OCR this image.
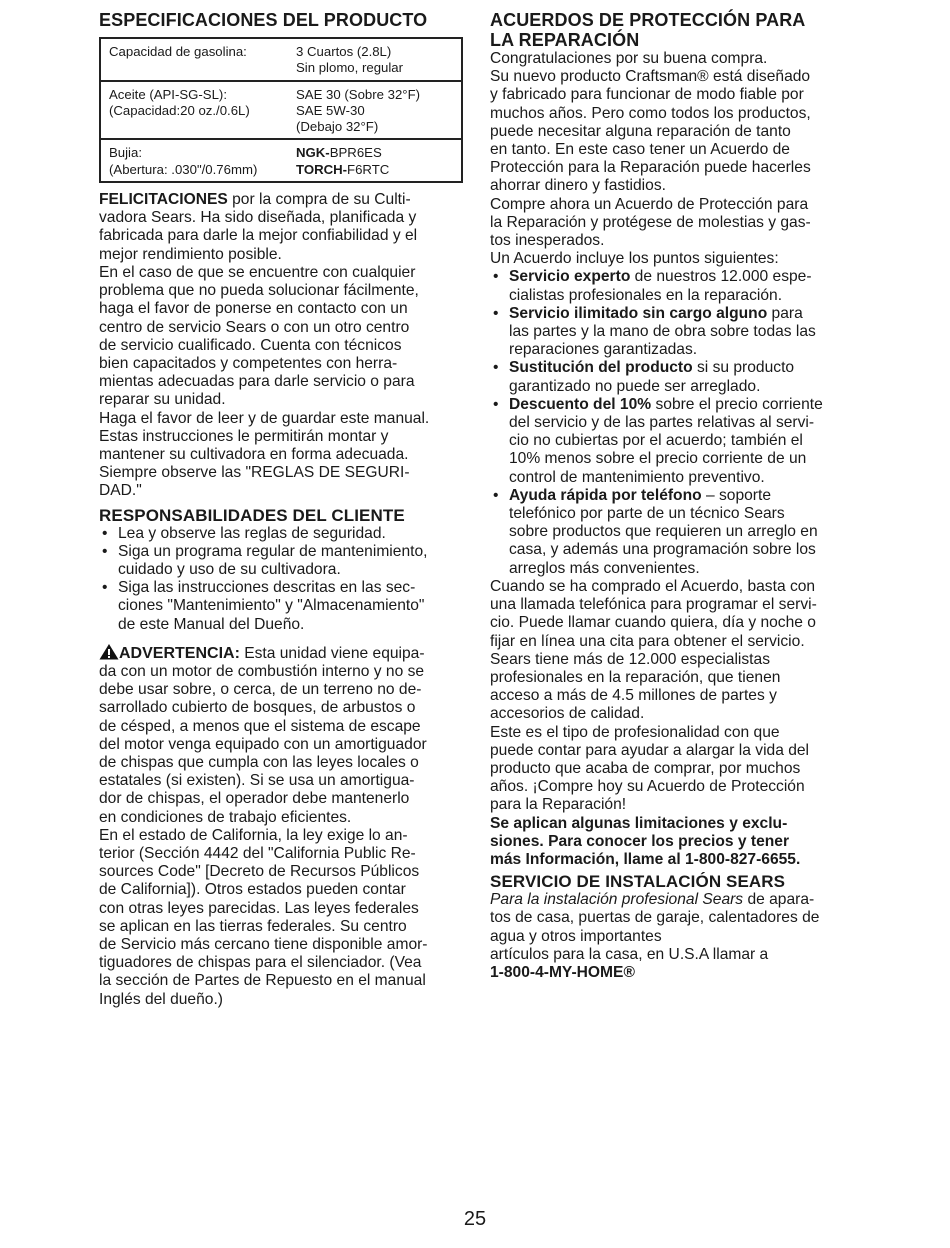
ESPECIFICACIONES DEL PRODUCTO
Capacidad de gasolina:	3 Cuartos (2.8L)
Sin plomo, regular
Aceite (API-SG-SL):
(Capacidad:20 oz./0.6L)
SAE 30 (Sobre 32°F)
SAE 5W-30
(Debajo 32°F)
Bujia:
(Abertura: .030"/0.76mm)
NGK-BPR6ES
TORCH-F6RTC
FELICITACIONES por la compra de su Culti-
vadora Sears. Ha sido diseñada, planificada y
fabricada para darle la mejor confiabilidad y el
mejor rendimiento posible.
En el caso de que se encuentre con cualquier
problema que no pueda solucionar fácilmente,
haga el favor de ponerse en contacto con un
centro de servicio Sears o con un otro centro
de servicio cualificado. Cuenta con técnicos
bien capacitados y competentes con herra-
mientas adecuadas para darle servicio o para
reparar su unidad.
Haga el favor de leer y de guardar este manual.
Estas instrucciones le permitirán montar y
mantener su cultivadora en forma adecuada.
Siempre observe las "REGLAS DE SEGURI-
DAD."
RESPONSABILIDADES DEL CLIENTE
• Lea y observe las reglas de seguridad.
• Siga un programa regular de mantenimiento,
cuidado y uso de su cultivadora.
• Siga las instrucciones descritas en las sec-
ciones "Mantenimiento" y "Almacenamiento"
de este Manual del Dueño.
ADVERTENCIA: Esta unidad viene equipa-
da con un motor de combustión interno y no se
debe usar sobre, o cerca, de un terreno no de-
sarrollado cubierto de bosques, de arbustos o
de césped, a menos que el sistema de escape
del motor venga equipado con un amortiguador
de chispas que cumpla con las leyes locales o
estatales (si existen). Si se usa un amortigua-
dor de chispas, el operador debe mantenerlo
en condiciones de trabajo eficientes.
En el estado de California, la ley exige lo an-
terior (Sección 4442 del "California Public Re-
sources Code" [Decreto de Recursos Públicos
de California]). Otros estados pueden contar
con otras leyes parecidas. Las leyes federales
se aplican en las tierras federales. Su centro
de Servicio más cercano tiene disponible amor-
tiguadores de chispas para el silenciador. (Vea
la sección de Partes de Repuesto en el manual
Inglés del dueño.)
ACUERDOS DE PROTECCIÓN PARA
LA REPARACIÓN
Congratulaciones por su buena compra.
Su nuevo producto Craftsman® está diseñado
y fabricado para funcionar de modo fiable por
muchos años. Pero como todos los productos,
puede necesitar alguna reparación de tanto
en tanto. En este caso tener un Acuerdo de
Protección para la Reparación puede hacerles
ahorrar dinero y fastidios.
Compre ahora un Acuerdo de Protección para
la Reparación y protégese de molestias y gas-
tos inesperados.
Un Acuerdo incluye los puntos siguientes:
• Servicio experto de nuestros 12.000 espe-
cialistas profesionales en la reparación.
• Servicio ilimitado sin cargo alguno para
las partes y la mano de obra sobre todas las
reparaciones garantizadas.
• Sustitución del producto si su producto
garantizado no puede ser arreglado.
• Descuento del 10% sobre el precio corriente
del servicio y de las partes relativas al servi-
cio no cubiertas por el acuerdo; también el
10% menos sobre el precio corriente de un
control de mantenimiento preventivo.
• Ayuda rápida por teléfono – soporte
telefónico por parte de un técnico Sears
sobre productos que requieren un arreglo en
casa, y además una programación sobre los
arreglos más convenientes.
Cuando se ha comprado el Acuerdo, basta con
una llamada telefónica para programar el servi-
cio. Puede llamar cuando quiera, día y noche o
fijar en línea una cita para obtener el servicio.
Sears tiene más de 12.000 especialistas
profesionales en la reparación, que tienen
acceso a más de 4.5 millones de partes y
accesorios de calidad.
Este es el tipo de profesionalidad con que
puede contar para ayudar a alargar la vida del
producto que acaba de comprar, por muchos
años. ¡Compre hoy su Acuerdo de Protección
para la Reparación!
Se aplican algunas limitaciones y exclu-
siones. Para conocer los precios y tener
más Información, llame al 1-800-827-6655.
SERVICIO DE INSTALACIÓN SEARS
Para la instalación profesional Sears de apara-
tos de casa, puertas de garaje, calentadores de
agua y otros importantes
artículos para la casa, en U.S.A llamar a
1-800-4-MY-HOME®
25
